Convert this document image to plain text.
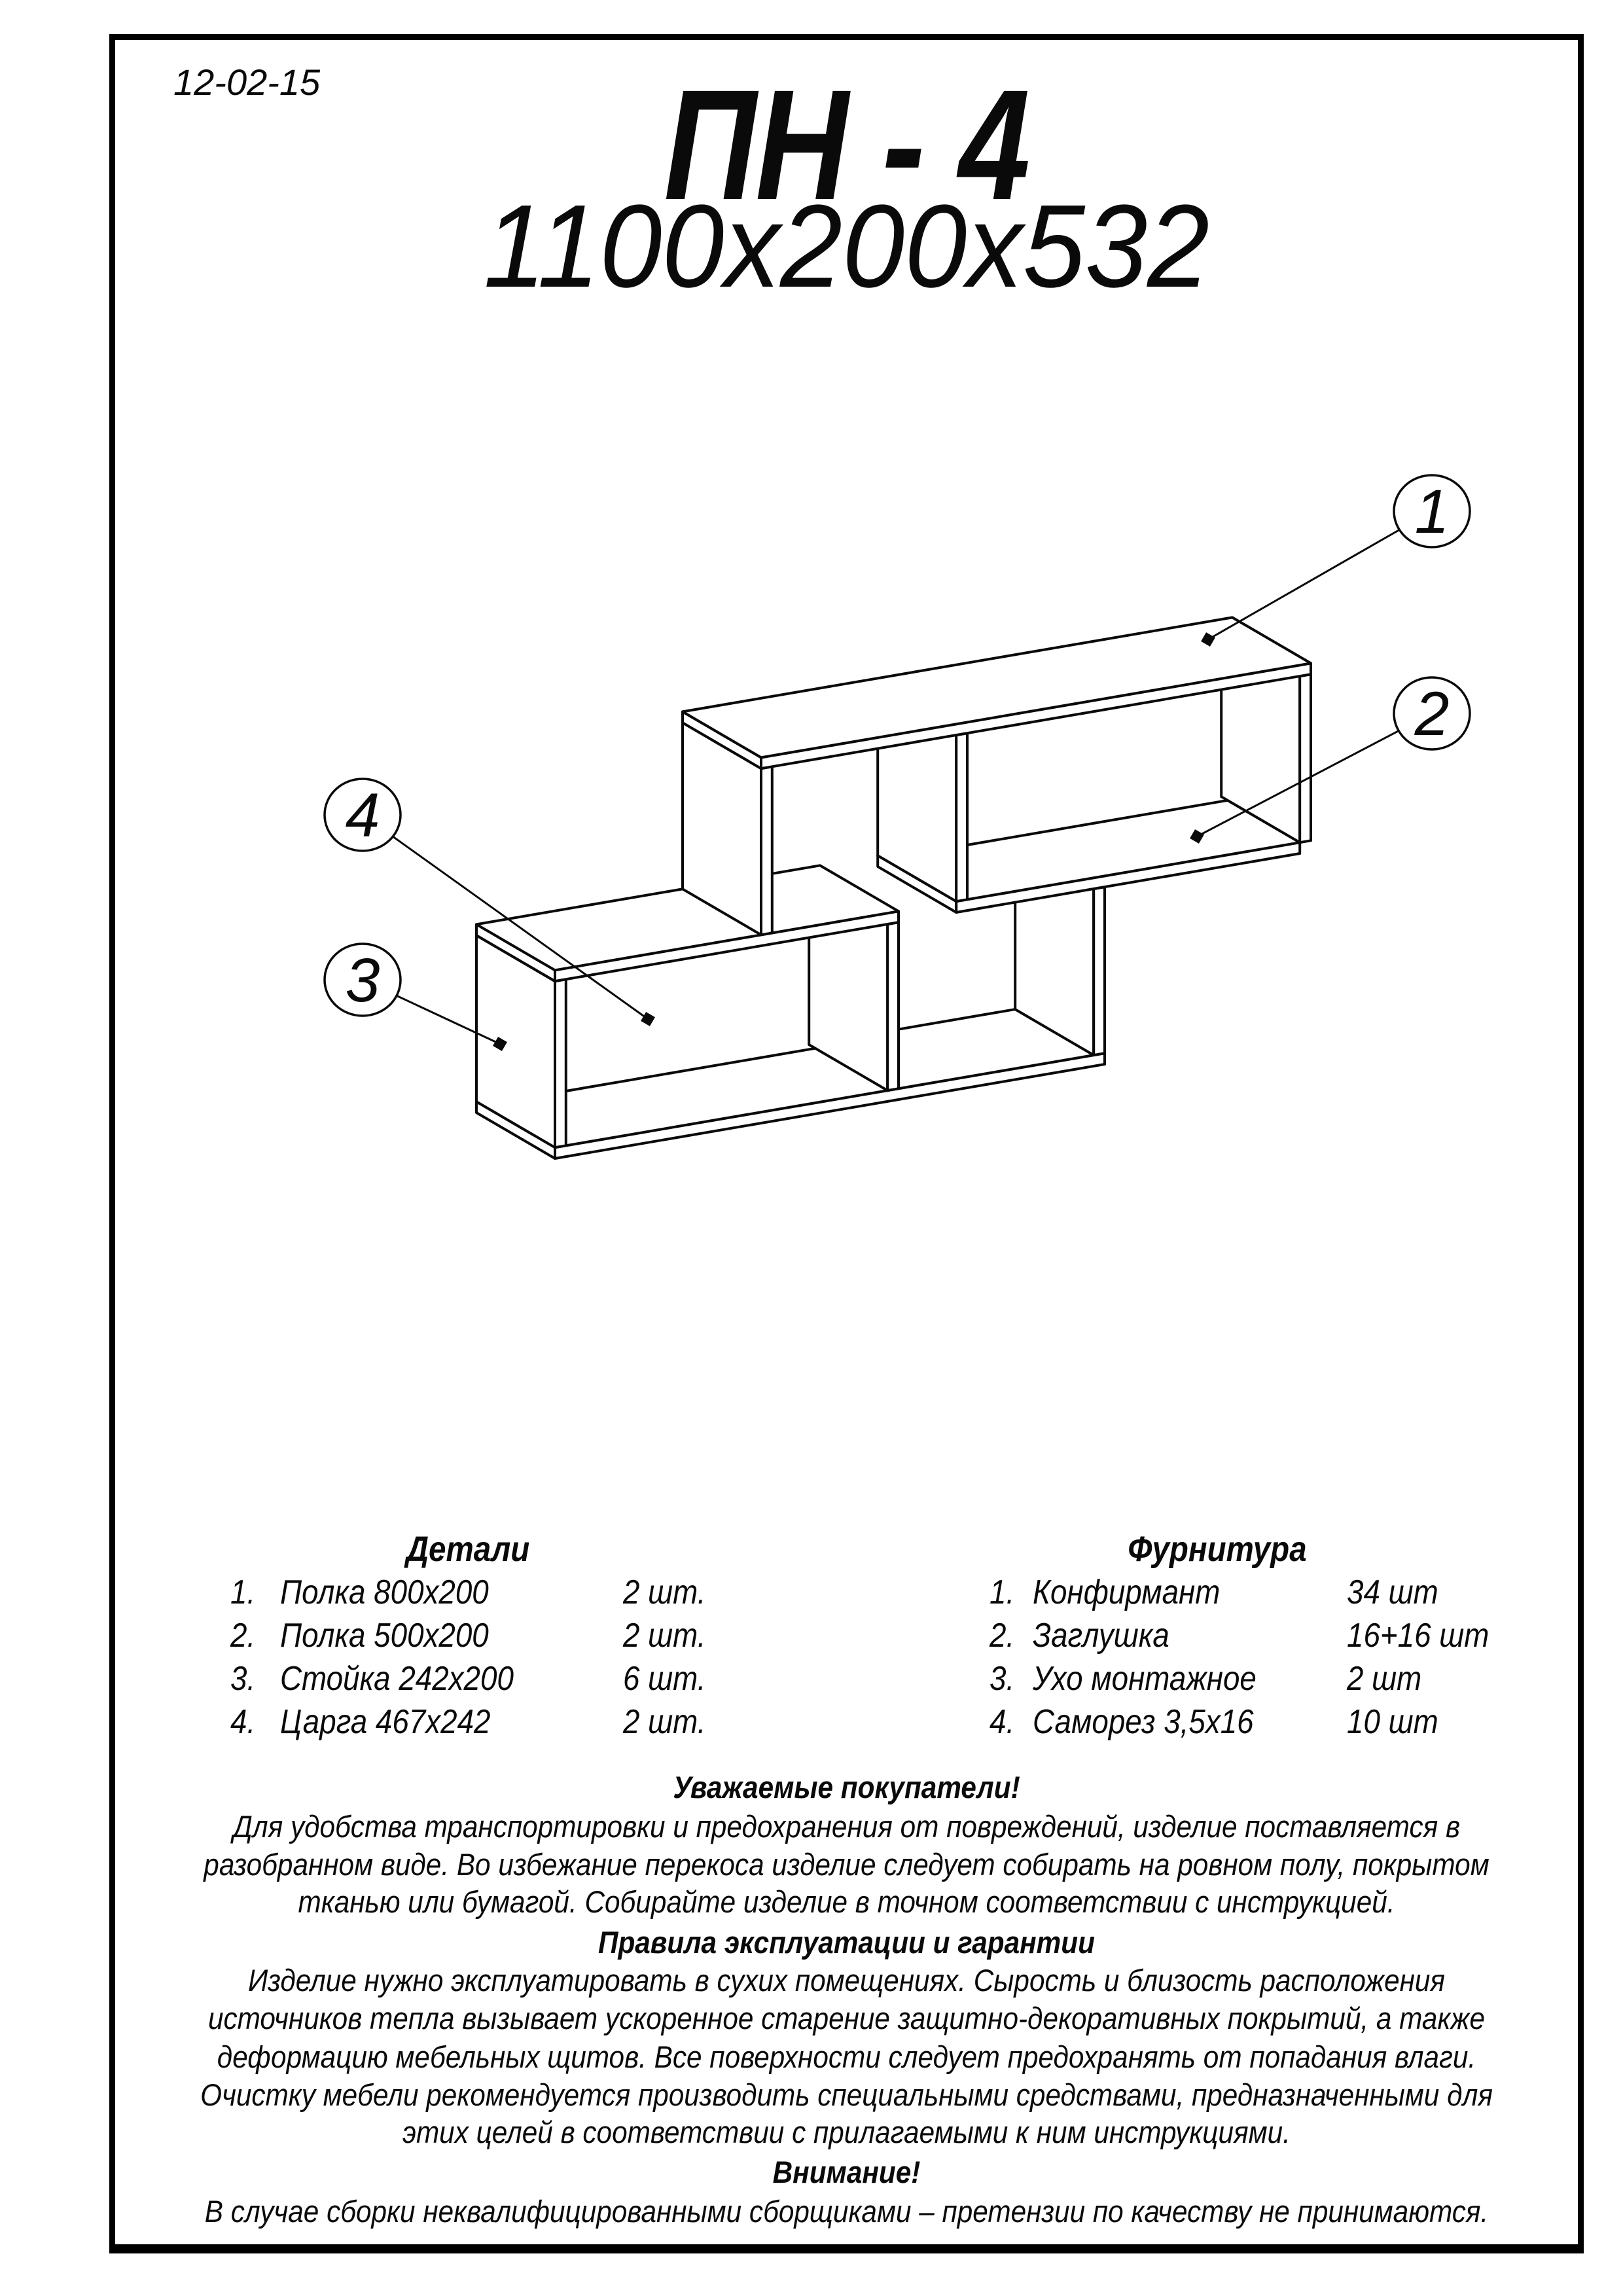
12-02-15	ПН - 4
1100х200х532
1
2
3
4
Детали
1. Полка 800х200	2 шт.
2. Полка 500х200	2 шт.
3. Стойка 242х200	6 шт.
4. Царга 467х242	2 шт.
Фурнитура
1. Конфирмант	34 шт
2. Заглушка	16+16 шт
3. Ухо монтажное	2 шт
4. Саморез 3,5х16	10 шт
Уважаемые покупатели!
Для удобства транспортировки и предохранения от повреждений, изделие поставляется в
разобранном виде. Во избежание перекоса изделие следует собирать на ровном полу, покрытом
тканью или бумагой. Собирайте изделие в точном соответствии с инструкцией.
Правила эксплуатации и гарантии
Изделие нужно эксплуатировать в сухих помещениях. Сырость и близость расположения
источников тепла вызывает ускоренное старение защитно-декоративных покрытий, а также
деформацию мебельных щитов. Все поверхности следует предохранять от попадания влаги.
Очистку мебели рекомендуется производить специальными средствами, предназначенными для
этих целей в соответствии с прилагаемыми к ним инструкциями.
Внимание!
В случае сборки неквалифицированными сборщиками – претензии по качеству не принимаются.
